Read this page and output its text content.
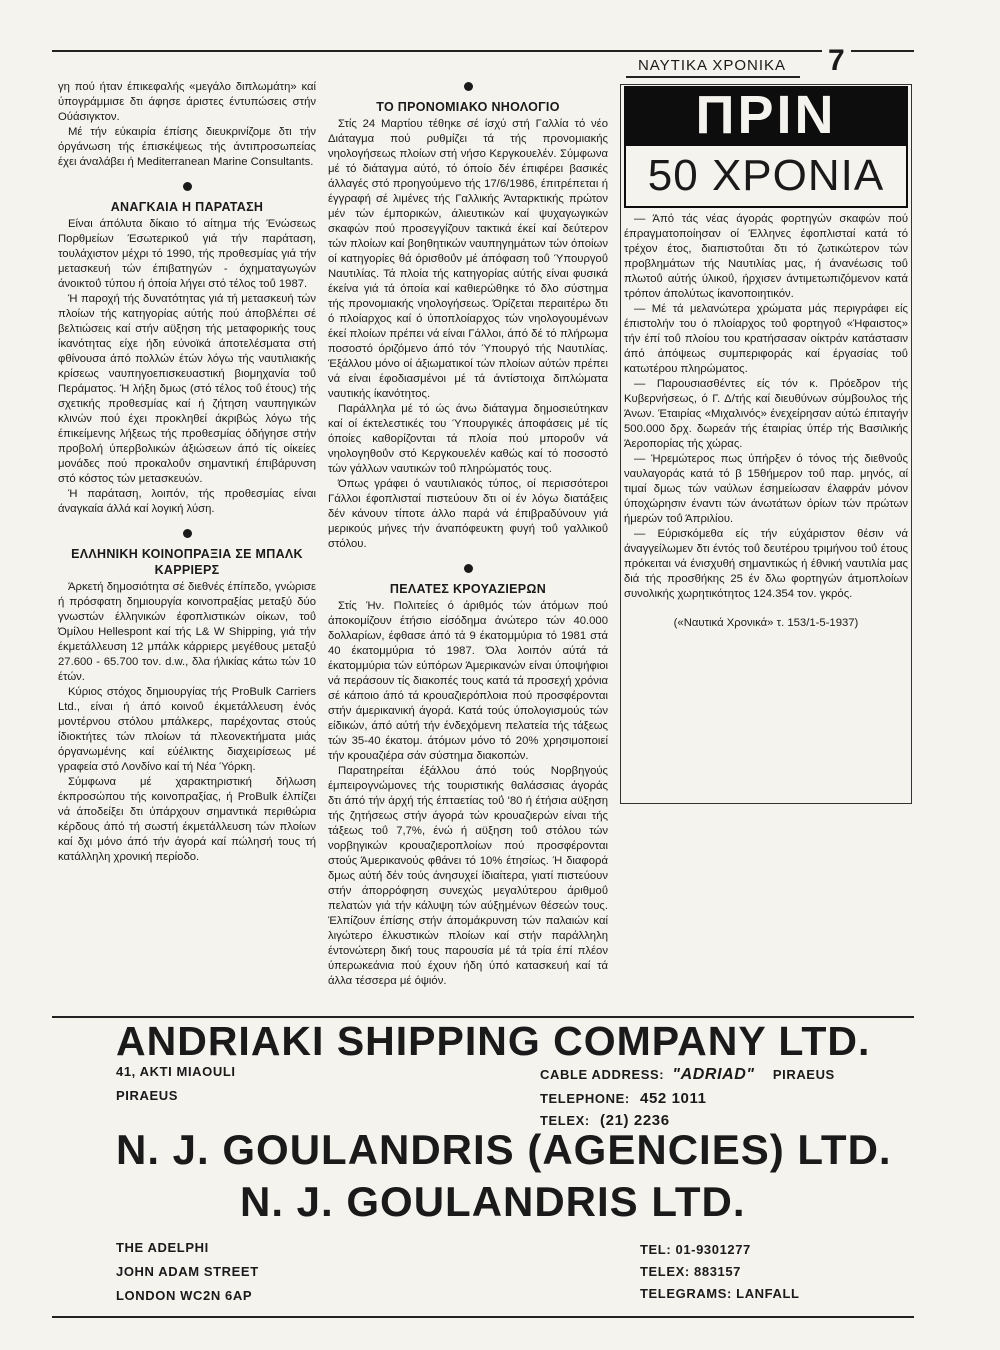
ΝΑΥΤΙΚΑ ΧΡΟΝΙΚΑ	7

γη πού ήταν έπικεφαλής «μεγάλο διπλωμάτη» καί ύπογράμμισε δτι άφησε άριστες έντυπώσεις στήν Ούάσιγκτον.

Μέ τήν εύκαιρία έπίσης διευκρινίζομε δτι τήν όργάνωση τής έπισκέψεως τής άντιπροσωπείας έχει άναλάβει ή Mediterranean Marine Consultants.

ΑΝΑΓΚΑΙΑ Η ΠΑΡΑΤΑΣΗ

Είναι άπόλυτα δίκαιο τό αίτημα τής Ένώσεως Πορθμείων Έσωτερικοΰ γιά τήν παράταση, τουλάχιστον μέχρι τό 1990, τής προθεσμίας γιά τήν μετασκευή τών έπιβατηγών - όχηματαγωγών άνοικτοΰ τύπου ή όποία λήγει στό τέλος τοΰ 1987.

Ή παροχή τής δυνατότητας γιά τή μετασκευή τών πλοίων τής κατηγορίας αύτής πού άποβλέπει σέ βελτιώσεις καί στήν αϋξηση τής μεταφορικής τους ίκανότητας είχε ήδη εύνοϊκά άποτελέσματα στή φθίνουσα άπό πολλών έτών λόγω τής ναυτιλιακής κρίσεως ναυπηγοεπισκευαστική βιομηχανία τοΰ Περάματος. Ή λήξη δμως (στό τέλος τοΰ έτους) τής σχετικής προθεσμίας καί ή ζήτηση ναυπηγικών κλινών πού έχει προκληθεί άκριβώς λόγω τής έπικείμενης λήξεως τής προθεσμίας όδήγησε στήν προβολή ύπερβολικών άξιώσεων άπό τίς οίκείες μονάδες πού προκαλοΰν σημαντική έπιβάρυνση στό κόστος τών μετασκευών.

Ή παράταση, λοιπόν, τής προθεσμίας είναι άναγκαία άλλά καί λογική λύση.

ΕΛΛΗΝΙΚΗ ΚΟΙΝΟΠΡΑΞΙΑ ΣΕ ΜΠΑΛΚ ΚΑΡΡΙΕΡΣ

Άρκετή δημοσιότητα σέ διεθνές έπίπεδο, γνώρισε ή πρόσφατη δημιουργία κοινοπραξίας μεταξύ δύο γνωστών έλληνικών έφοπλιστικών οίκων, τοΰ Όμίλου Hellespont καί τής L& W Shipping, γιά τήν έκμετάλλευση 12 μπάλκ κάρριερς μεγέθους μεταξύ 27.600 - 65.700 τον. d.w., δλα ήλικίας κάτω τών 10 έτών.

Κύριος στόχος δημιουργίας τής ProBulk Carriers Ltd., είναι ή άπό κοινοΰ έκμετάλλευση ένός μοντέρνου στόλου μπάλκερς, παρέχοντας στούς ίδιοκτήτες τών πλοίων τά πλεονεκτήματα μιάς όργανωμένης καί εύέλικτης διαχειρίσεως μέ γραφεία στό Λονδίνο καί τή Νέα Ύόρκη.

Σύμφωνα μέ χαρακτηριστική δήλωση έκπροσώπου τής κοινοπραξίας, ή ProBulk έλπίζει νά άποδείξει δτι ύπάρχουν σημαντικά περιθώρια κέρδους άπό τή σωστή έκμετάλλευση τών πλοίων καί δχι μόνο άπό τήν άγορά καί πώλησή τους τή κατάλληλη χρονική περίοδο.

ΤΟ ΠΡΟΝΟΜΙΑΚΟ ΝΗΟΛΟΓΙΟ

Στίς 24 Μαρτίου τέθηκε σέ ίσχύ στή Γαλλία τό νέο Διάταγμα πού ρυθμίζει τά τής προνομιακής νηολογήσεως πλοίων στή νήσο Κεργκουελέν. Σύμφωνα μέ τό διάταγμα αύτό, τό όποίο δέν έπιφέρει βασικές άλλαγές στό προηγούμενο τής 17/6/1986, έπιτρέπεται ή έγγραφή σέ λιμένες τής Γαλλικής Άνταρκτικής πρώτον μέν τών έμπορικών, άλιευτικών καί ψυχαγωγικών σκαφών πού προσεγγίζουν τακτικά έκεί καί δεύτερον τών πλοίων καί βοηθητικών ναυπηγημάτων τών όποίων οί κατηγορίες θά όρισθοΰν μέ άπόφαση τοΰ Ύπουργοΰ Ναυτιλίας. Τά πλοία τής κατηγορίας αύτής είναι φυσικά έκείνα γιά τά όποία καί καθιερώθηκε τό δλο σύστημα τής προνομιακής νηολογήσεως. Όρίζεται περαιτέρω δτι ό πλοίαρχος καί ό ύποπλοίαρχος τών νηολογουμένων έκεί πλοίων πρέπει νά είναι Γάλλοι, άπό δέ τό πλήρωμα ποσοστό όριζόμενο άπό τόν Ύπουργό τής Ναυτιλίας. Έξάλλου μόνο οί άξιωματικοί τών πλοίων αύτών πρέπει νά είναι έφοδιασμένοι μέ τά άντίστοιχα διπλώματα ναυτικής ίκανότητος.

Παράλληλα μέ τό ώς άνω διάταγμα δημοσιεύτηκαν καί οί έκτελεστικές του Ύπουργικές άποφάσεις μέ τίς όποίες καθορίζονται τά πλοία πού μποροΰν νά νηολογηθοΰν στό Κεργκουελέν καθώς καί τό ποσοστό τών γάλλων ναυτικών τοΰ πληρώματός τους.

Όπως γράφει ό ναυτιλιακός τύπος, οί περισσότεροι Γάλλοι έφοπλισταί πιστεύουν δτι οί έν λόγω διατάξεις δέν κάνουν τίποτε άλλο παρά νά έπιβραδύνουν γιά μερικούς μήνες τήν άναπόφευκτη φυγή τοΰ γαλλικοΰ στόλου.

ΠΕΛΑΤΕΣ ΚΡΟΥΑΖΙΕΡΩΝ

Στίς Ήν. Πολιτείες ό άριθμός τών άτόμων πού άποκομίζουν έτήσιο είσόδημα άνώτερο τών 40.000 δολλαρίων, έφθασε άπό τά 9 έκατομμύρια τό 1981 στά 40 έκατομμύρια τό 1987. Όλα λοιπόν αύτά τά έκατομμύρια τών εύπόρων Άμερικανών είναι ύποψήφιοι νά περάσουν τίς διακοπές τους κατά τά προσεχή χρόνια σέ κάποιο άπό τά κρουαζιερόπλοια πού προσφέρονται στήν άμερικανική άγορά. Κατά τούς ύπολογισμούς τών είδικών, άπό αύτή τήν ένδεχόμενη πελατεία τής τάξεως τών 35-40 έκατομ. άτόμων μόνο τό 20% χρησιμοποιεί τήν κρουαζιέρα σάν σύστημα διακοπών.

Παρατηρείται έξάλλου άπό τούς Νορβηγούς έμπειρογνώμονες τής τουριστικής θαλάσσιας άγοράς δτι άπό τήν άρχή τής έπταετίας τοΰ '80 ή έτήσια αϋξηση τής ζητήσεως στήν άγορά τών κρουαζιερών είναι τής τάξεως τοΰ 7,7%, ένώ ή αϋξηση τοΰ στόλου τών νορβηγικών κρουαζιεροπλοίων πού προσφέρονται στούς Άμερικανούς φθάνει τό 10% έτησίως. Ή διαφορά δμως αύτή δέν τούς άνησυχεί ίδιαίτερα, γιατί πιστεύουν στήν άπορρόφηση συνεχώς μεγαλύτερου άριθμοΰ πελατών γιά τήν κάλυψη τών αύξημένων θέσεών τους. Έλπίζουν έπίσης στήν άπομάκρυνση τών παλαιών καί λιγώτερο έλκυστικών πλοίων καί στήν παράλληλη έντονώτερη δική τους παρουσία μέ τά τρία έπί πλέον ύπερωκεάνια πού έχουν ήδη ύπό κατασκευή καί τά άλλα τέσσερα μέ όψιόν.

ΠΡΙΝ
50 ΧΡΟΝΙΑ

— Άπό τάς νέας άγοράς φορτηγών σκαφών πού έπραγματοποίησαν οί Έλληνες έφοπλισταί κατά τό τρέχον έτος, διαπιστοΰται δτι τό ζωτικώτερον τών προβλημάτων τής Ναυτιλίας μας, ή άνανέωσις τοΰ πλωτοΰ αύτής ύλικοΰ, ήρχισεν άντιμετωπιζόμενον κατά τρόπον άπολύτως ίκανοποιητικόν.

— Μέ τά μελανώτερα χρώματα μάς περιγράφει είς έπιστολήν του ό πλοίαρχος τοΰ φορτηγοΰ «Ήφαιστος» τήν έπί τοΰ πλοίου του κρατήσασαν οίκτράν κατάστασιν άπό άπόψεως συμπεριφοράς καί έργασίας τοΰ κατωτέρου πληρώματος.

— Παρουσιασθέντες είς τόν κ. Πρόεδρον τής Κυβερνήσεως, ό Γ. Δ/τής καί διευθύνων σύμβουλος τής Άνων. Έταιρίας «Μιχαλινός» ένεχείρησαν αύτώ έπιταγήν 500.000 δρχ. δωρεάν τής έταιρίας ύπέρ τής Βασιλικής Άεροπορίας τής χώρας.

— Ήρεμώτερος πως ύπήρξεν ό τόνος τής διεθνοΰς ναυλαγοράς κατά τό β 15θήμερον τοΰ παρ. μηνός, αί τιμαί δμως τών ναύλων έσημείωσαν έλαφράν μόνον ύποχώρησιν έναντι τών άνωτάτων όρίων τών πρώτων ήμερών τοΰ Άπριλίου.

— Εύρισκόμεθα είς τήν εύχάριστον θέσιν νά άναγγείλωμεν δτι έντός τοΰ δευτέρου τριμήνου τοΰ έτους πρόκειται νά ένισχυθή σημαντικώς ή έθνική ναυτιλία μας διά τής προσθήκης 25 έν δλω φορτηγών άτμοπλοίων συνολικής χωρητικότητος 124.354 τον. γκρός.

(«Ναυτικά Χρονικά» τ. 153/1-5-1937)

ANDRIAKI SHIPPING COMPANY LTD.
41, AKTI MIAOULI
PIRAEUS
CABLE ADDRESS: "ADRIAD" PIRAEUS
TELEPHONE: 452 1011
TELEX: (21) 2236
N. J. GOULANDRIS (AGENCIES) LTD.
N. J. GOULANDRIS LTD.
THE ADELPHI
JOHN ADAM STREET
LONDON WC2N 6AP
TEL: 01-9301277
TELEX: 883157
TELEGRAMS: LANFALL
